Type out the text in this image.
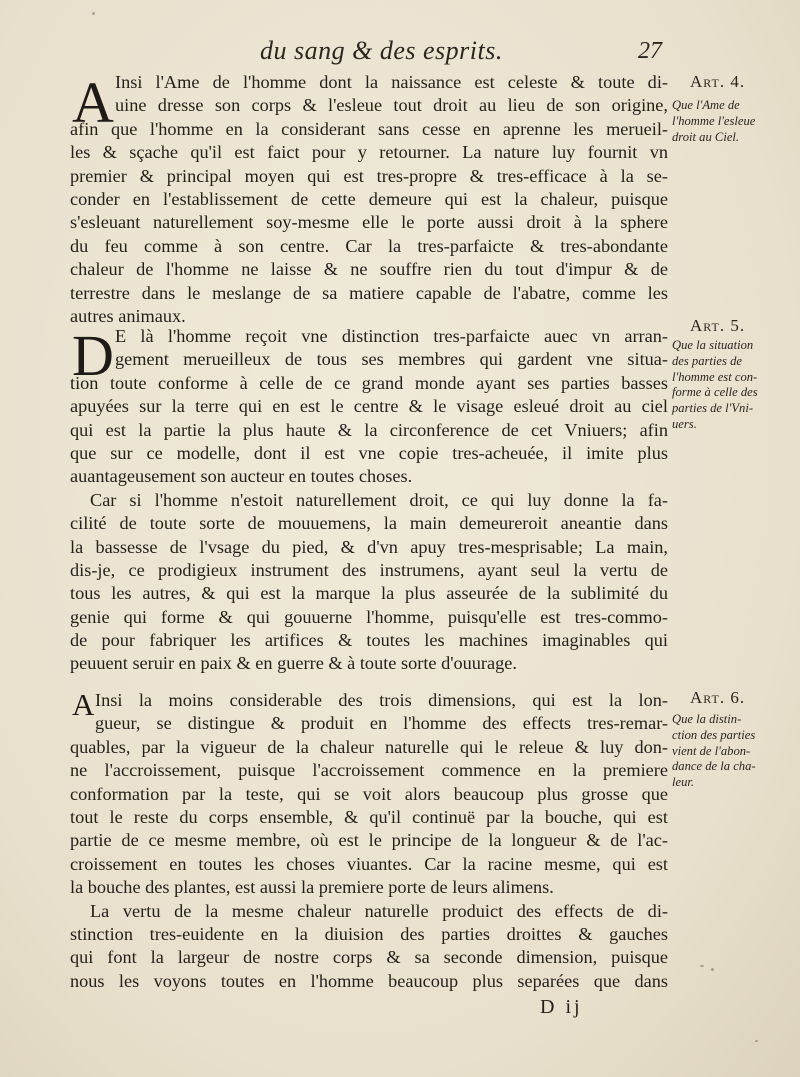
du sang & des esprits.	27
A	Art. 4.
Que l'Ame de
l'homme l'esleue
droit au Ciel.
Insi l'Ame de l'homme dont la naissance est celeste & toute di-
uine dresse son corps & l'esleue tout droit au lieu de son origine,
afin que l'homme en la considerant sans cesse en aprenne les merueil-
les & sçache qu'il est faict pour y retourner. La nature luy fournit vn
premier & principal moyen qui est tres-propre & tres-efficace à la se-
conder en l'establissement de cette demeure qui est la chaleur, puisque
s'esleuant naturellement soy-mesme elle le porte aussi droit à la sphere
du feu comme à son centre. Car la tres-parfaicte & tres-abondante
chaleur de l'homme ne laisse & ne souffre rien du tout d'impur & de
terrestre dans le meslange de sa matiere capable de l'abatre, comme les
autres animaux.
D	Art. 5.
Que la situation
des parties de
l'homme est con-
forme à celle des
parties de l'Vni-
uers.
E là l'homme reçoit vne distinction tres-parfaicte auec vn arran-
gement merueilleux de tous ses membres qui gardent vne situa-
tion toute conforme à celle de ce grand monde ayant ses parties basses
apuyées sur la terre qui en est le centre & le visage esleué droit au ciel
qui est la partie la plus haute & la circonference de cet Vniuers; afin
que sur ce modelle, dont il est vne copie tres-acheuée, il imite plus
auantageusement son aucteur en toutes choses.
Car si l'homme n'estoit naturellement droit, ce qui luy donne la fa-
cilité de toute sorte de mouuemens, la main demeureroit aneantie dans
la bassesse de l'vsage du pied, & d'vn apuy tres-mesprisable; La main,
dis-je, ce prodigieux instrument des instrumens, ayant seul la vertu de
tous les autres, & qui est la marque la plus asseurée de la sublimité du
genie qui forme & qui gouuerne l'homme, puisqu'elle est tres-commo-
de pour fabriquer les artifices & toutes les machines imaginables qui
peuuent seruir en paix & en guerre & à toute sorte d'ouurage.
A	Art. 6.
Que la distin-
ction des parties
vient de l'abon-
dance de la cha-
leur.
Insi la moins considerable des trois dimensions, qui est la lon-
gueur, se distingue & produit en l'homme des effects tres-remar-
quables, par la vigueur de la chaleur naturelle qui le releue & luy don-
ne l'accroissement, puisque l'accroissement commence en la premiere
conformation par la teste, qui se voit alors beaucoup plus grosse que
tout le reste du corps ensemble, & qu'il continuë par la bouche, qui est
partie de ce mesme membre, où est le principe de la longueur & de l'ac-
croissement en toutes les choses viuantes. Car la racine mesme, qui est
la bouche des plantes, est aussi la premiere porte de leurs alimens.
La vertu de la mesme chaleur naturelle produict des effects de di-
stinction tres-euidente en la diuision des parties droittes & gauches
qui font la largeur de nostre corps & sa seconde dimension, puisque
nous les voyons toutes en l'homme beaucoup plus separées que dans
D ij
